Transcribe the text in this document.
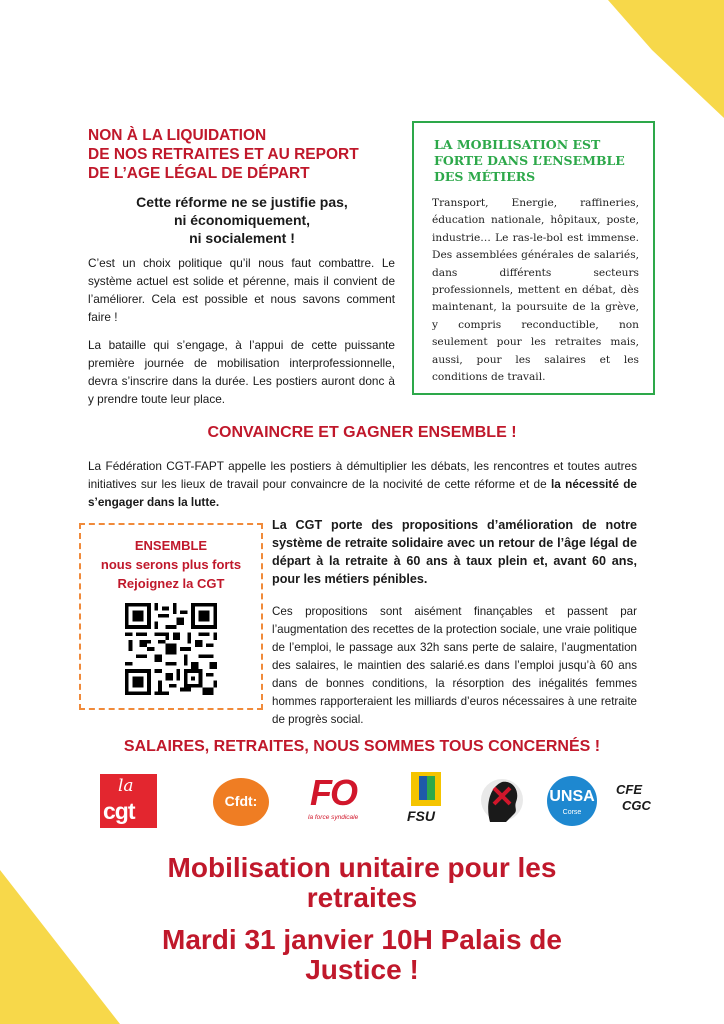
NON À LA LIQUIDATION
DE NOS RETRAITES ET AU REPORT
DE L’AGE LÉGAL DE DÉPART
Cette réforme ne se justifie pas,
ni économiquement,
ni socialement !
C’est un choix politique qu’il nous faut combattre. Le système actuel est solide et pérenne, mais il convient de l’améliorer. Cela est possible et nous savons comment faire !
La bataille qui s’engage, à l’appui de cette puissante première journée de mobilisation interprofessionnelle, devra s’inscrire dans la durée. Les postiers auront donc à y prendre toute leur place.
LA MOBILISATION EST
FORTE DANS L’ENSEMBLE
DES MÉTIERS
Transport, Energie, raffineries, éducation nationale, hôpitaux, poste, industrie… Le ras-le-bol est immense. Des assemblées générales de salariés, dans différents secteurs professionnels, mettent en débat, dès maintenant, la poursuite de la grève, y compris reconductible, non seulement pour les retraites mais, aussi, pour les salaires et les conditions de travail.
CONVAINCRE ET GAGNER ENSEMBLE !
La Fédération CGT-FAPT appelle les postiers à démultiplier les débats, les rencontres et toutes autres initiatives sur les lieux de travail pour convaincre de la nocivité de cette réforme et de la nécessité de s’engager dans la lutte.
ENSEMBLE
nous serons plus forts
Rejoignez la CGT
La CGT porte des propositions d’amélioration de notre système de retraite solidaire avec un retour de l’âge légal de départ à la retraite à 60 ans à taux plein et, avant 60 ans, pour les métiers pénibles.
Ces propositions sont aisément finançables et passent par l’augmentation des recettes de la protection sociale, une vraie politique de l’emploi, le passage aux 32h sans perte de salaire, l’augmentation des salaires, le maintien des salarié.es dans l’emploi jusqu’à 60 ans dans de bonnes conditions, la résorption des inégalités femmes hommes rapporteraient les milliards d’euros nécessaires à une retraite de progrès social.
SALAIRES, RETRAITES, NOUS SOMMES TOUS CONCERNÉS !
la
cgt	Cfdt:	FO
la force syndicale	FSU
UNSA
Corse
CFE
CGC
Mobilisation unitaire pour les
retraites
Mardi 31 janvier 10H Palais de
Justice !
